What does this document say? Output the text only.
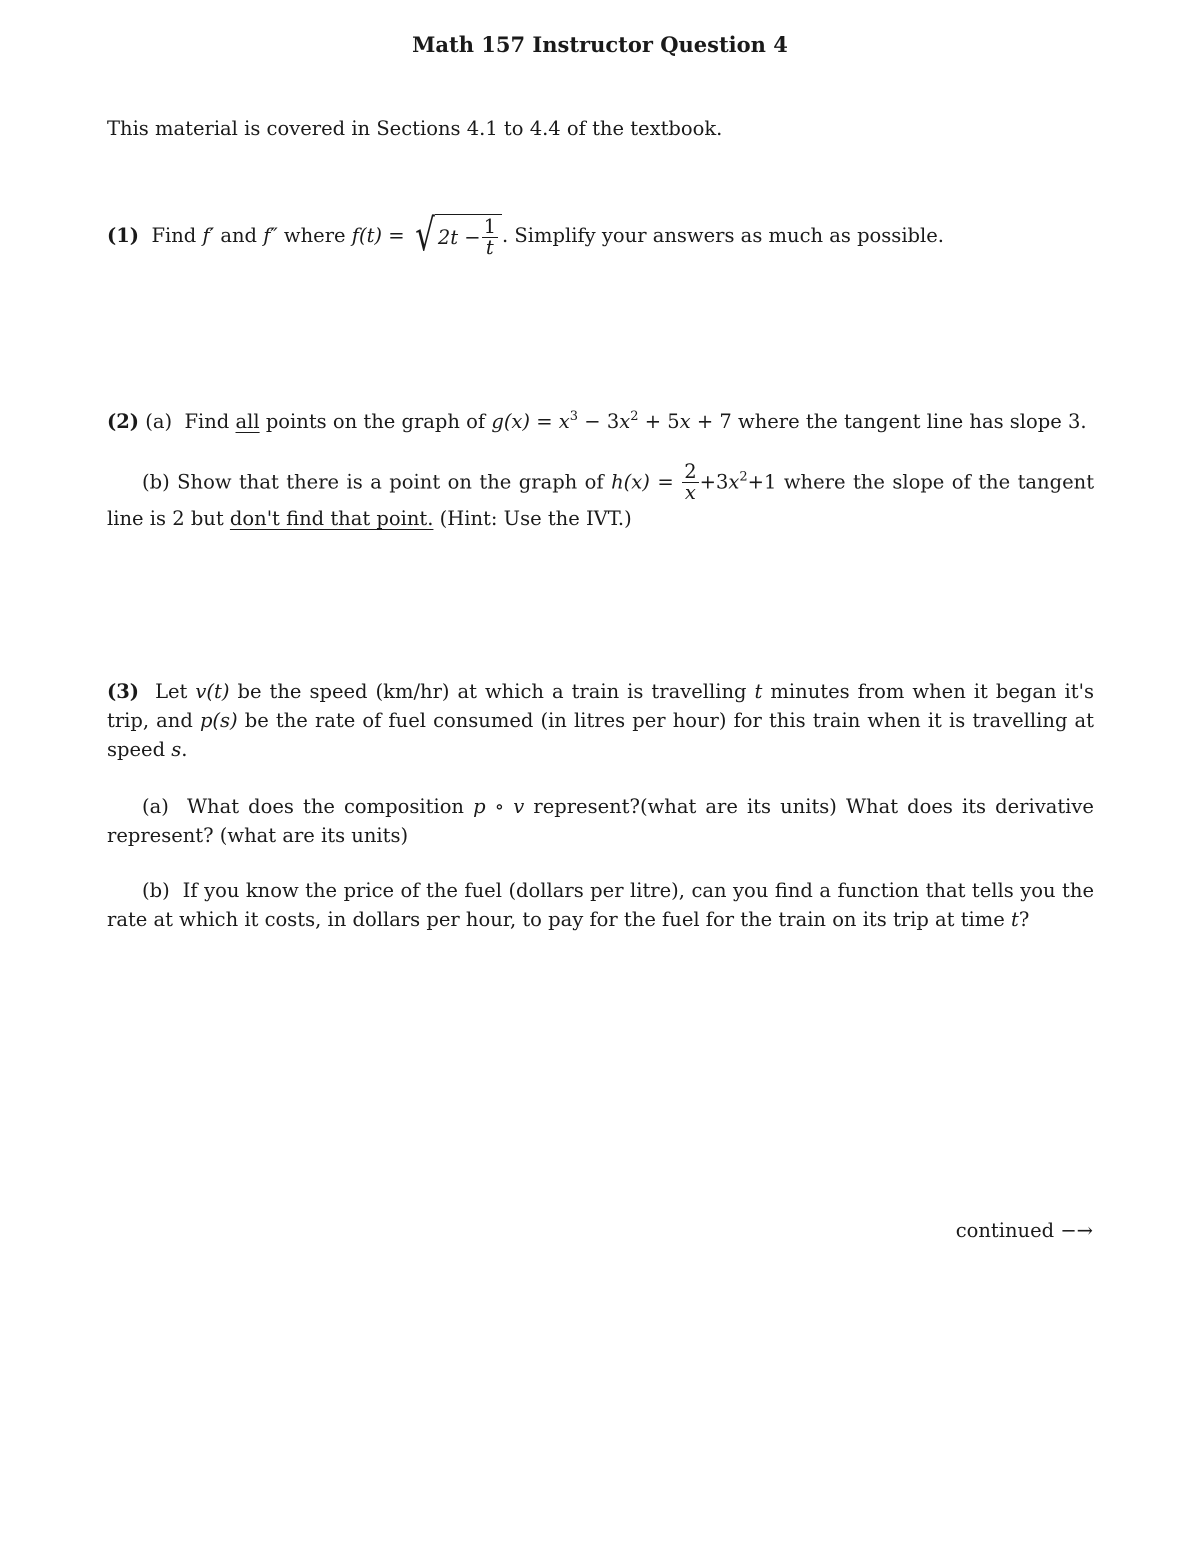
Math 157 Instructor Question 4
This material is covered in Sections 4.1 to 4.4 of the textbook.
(1) Find f′ and f″ where f(t) = √ $2t - \frac{1}{t}$ . Simplify your answers as much as possible.
(2) (a) Find all points on the graph of $g(x) = x^3 - 3x^2 + 5x + 7$ where the tangent line has slope 3.
(b) Show that there is a point on the graph of $h(x) = \frac{2}{x} +3x^2+1$ where the slope of the tangent line is 2 but don't find that point. (Hint: Use the IVT.)
(3) Let v(t) be the speed (km/hr) at which a train is travelling t minutes from when it began it's trip, and p(s) be the rate of fuel consumed (in litres per hour) for this train when it is travelling at speed s.
(a) What does the composition p ∘ v represent?(what are its units) What does its derivative represent? (what are its units)
(b) If you know the price of the fuel (dollars per litre), can you find a function that tells you the rate at which it costs, in dollars per hour, to pay for the fuel for the train on its trip at time t?
continued −→
